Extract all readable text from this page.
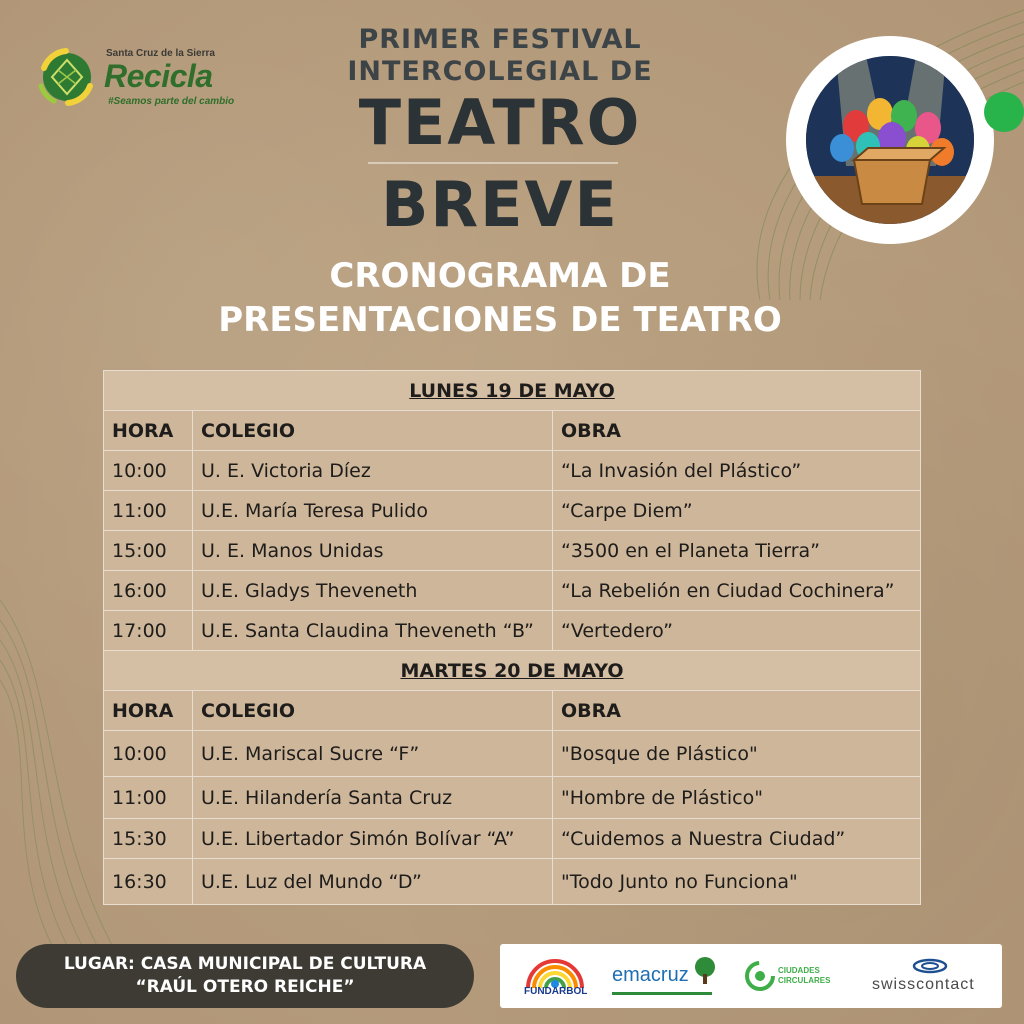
Santa Cruz de la Sierra
Recicla
#Seamos parte del cambio
PRIMER FESTIVAL
INTERCOLEGIAL DE
TEATRO
BREVE
CRONOGRAMA DE
PRESENTACIONES DE TEATRO
LUNES 19 DE MAYO		
HORA	COLEGIO	OBRA
10:00	U. E. Victoria Díez	“La Invasión del Plástico”
11:00	U.E. María Teresa Pulido	“Carpe Diem”
15:00	U. E. Manos Unidas	“3500 en el Planeta Tierra”
16:00	U.E. Gladys Theveneth	“La Rebelión en Ciudad Cochinera”
17:00	U.E. Santa Claudina Theveneth “B”	“Vertedero”
MARTES 20 DE MAYO		
HORA	COLEGIO	OBRA
10:00	U.E. Mariscal Sucre “F”	"Bosque de Plástico"
11:00	U.E. Hilandería Santa Cruz	"Hombre de Plástico"
15:30	U.E. Libertador Simón Bolívar “A”	“Cuidemos a Nuestra Ciudad”
16:30	U.E. Luz del Mundo “D”	"Todo Junto no Funciona"
LUGAR: CASA MUNICIPAL DE CULTURA
“RAÚL OTERO REICHE”	FUNDARBOL
emacruz	CIUDADES CIRCULARES	swisscontact
